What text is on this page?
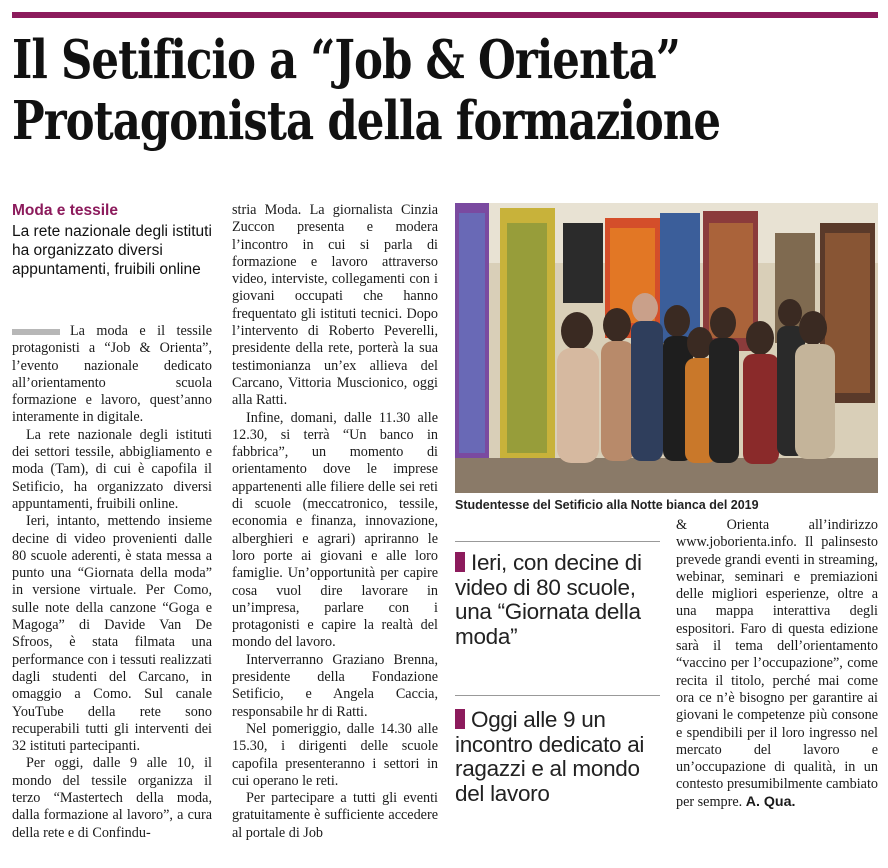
Il Setificio a “Job & Orienta”
Protagonista della formazione
Moda e tessile
La rete nazionale degli istituti ha organizzato diversi appuntamenti, fruibili online

La moda e il tessile protagonisti a “Job & Orienta”, l’evento nazionale dedicato all’orientamento scuola formazione e lavoro, quest’anno interamente in digitale.

La rete nazionale degli istituti dei settori tessile, abbigliamento e moda (Tam), di cui è capofila il Setificio, ha organizzato diversi appuntamenti, fruibili online.

Ieri, intanto, mettendo insieme decine di video provenienti dalle 80 scuole aderenti, è stata messa a punto una “Giornata della moda” in versione virtuale. Per Como, sulle note della canzone “Goga e Magoga” di Davide Van De Sfroos, è stata filmata una performance con i tessuti realizzati dagli studenti del Carcano, in omaggio a Como. Sul canale YouTube della rete sono recuperabili tutti gli interventi dei 32 istituti partecipanti.

Per oggi, dalle 9 alle 10, il mondo del tessile organizza il terzo “Mastertech della moda, dalla formazione al lavoro”, a cura della rete e di Confindu-

stria Moda. La giornalista Cinzia Zuccon presenta e modera l’incontro in cui si parla di formazione e lavoro attraverso video, interviste, collegamenti con i giovani occupati che hanno frequentato gli istituti tecnici. Dopo l’intervento di Roberto Peverelli, presidente della rete, porterà la sua testimonianza un’ex allieva del Carcano, Vittoria Muscionico, oggi alla Ratti.

Infine, domani, dalle 11.30 alle 12.30, si terrà “Un banco in fabbrica”, un momento di orientamento dove le imprese appartenenti alle filiere delle sei reti di scuole (meccatronico, tessile, economia e finanza, innovazione, alberghieri e agrari) apriranno le loro porte ai giovani e alle loro famiglie. Un’opportunità per capire cosa vuol dire lavorare in un’impresa, parlare con i protagonisti e capire la realtà del mondo del lavoro.

Interverranno Graziano Brenna, presidente della Fondazione Setificio, e Angela Caccia, responsabile hr di Ratti.

Nel pomeriggio, dalle 14.30 alle 15.30, i dirigenti delle scuole capofila presenteranno i settori in cui operano le reti.

Per partecipare a tutti gli eventi gratuitamente è sufficiente accedere al portale di Job

Studentesse del Setificio alla Notte bianca del 2019
Ieri, con decine di video di 80 scuole, una “Giornata della moda”
Oggi alle 9 un incontro dedicato ai ragazzi e al mondo del lavoro

& Orienta all’indirizzo www.joborienta.info. Il palinsesto prevede grandi eventi in streaming, webinar, seminari e premiazioni delle migliori esperienze, oltre a una mappa interattiva degli espositori. Faro di questa edizione sarà il tema dell’orientamento “vaccino per l’occupazione”, come recita il titolo, perché mai come ora ce n’è bisogno per garantire ai giovani le competenze più consone e spendibili per il loro ingresso nel mercato del lavoro e un’occupazione di qualità, in un contesto presumibilmente cambiato per sempre. A. Qua.
